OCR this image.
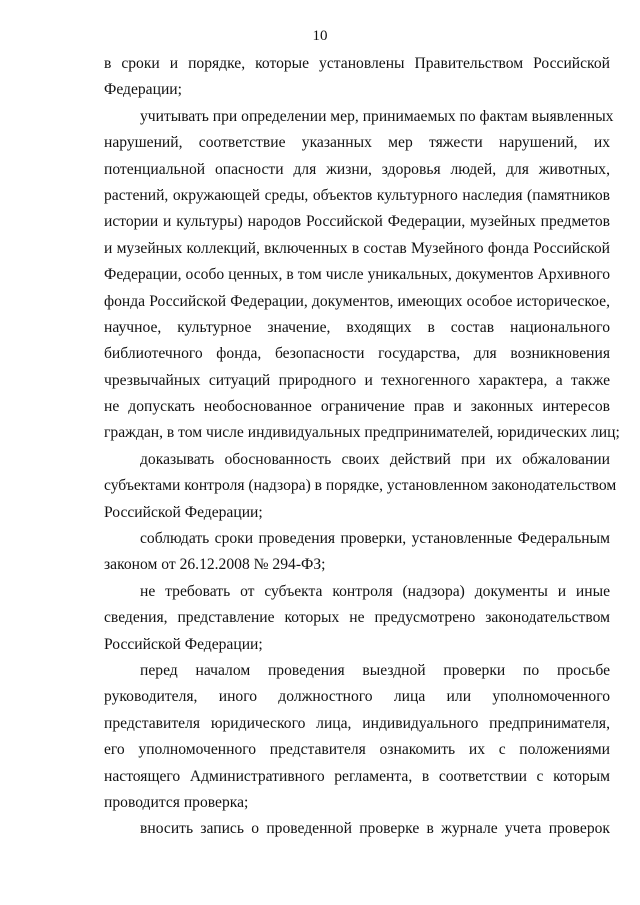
10
в сроки и порядке, которые установлены Правительством Российской
Федерации;
учитывать при определении мер, принимаемых по фактам выявленных
нарушений, соответствие указанных мер тяжести нарушений, их
потенциальной опасности для жизни, здоровья людей, для животных,
растений, окружающей среды, объектов культурного наследия (памятников
истории и культуры) народов Российской Федерации, музейных предметов
и музейных коллекций, включенных в состав Музейного фонда Российской
Федерации, особо ценных, в том числе уникальных, документов Архивного
фонда Российской Федерации, документов, имеющих особое историческое,
научное, культурное значение, входящих в состав национального
библиотечного фонда, безопасности государства, для возникновения
чрезвычайных ситуаций природного и техногенного характера, а также
не допускать необоснованное ограничение прав и законных интересов
граждан, в том числе индивидуальных предпринимателей, юридических лиц;
доказывать обоснованность своих действий при их обжаловании
субъектами контроля (надзора) в порядке, установленном законодательством
Российской Федерации;
соблюдать сроки проведения проверки, установленные Федеральным
законом от 26.12.2008 № 294-ФЗ;
не требовать от субъекта контроля (надзора) документы и иные
сведения, представление которых не предусмотрено законодательством
Российской Федерации;
перед началом проведения выездной проверки по просьбе
руководителя, иного должностного лица или уполномоченного
представителя юридического лица, индивидуального предпринимателя,
его уполномоченного представителя ознакомить их с положениями
настоящего Административного регламента, в соответствии с которым
проводится проверка;
вносить запись о проведенной проверке в журнале учета проверок
